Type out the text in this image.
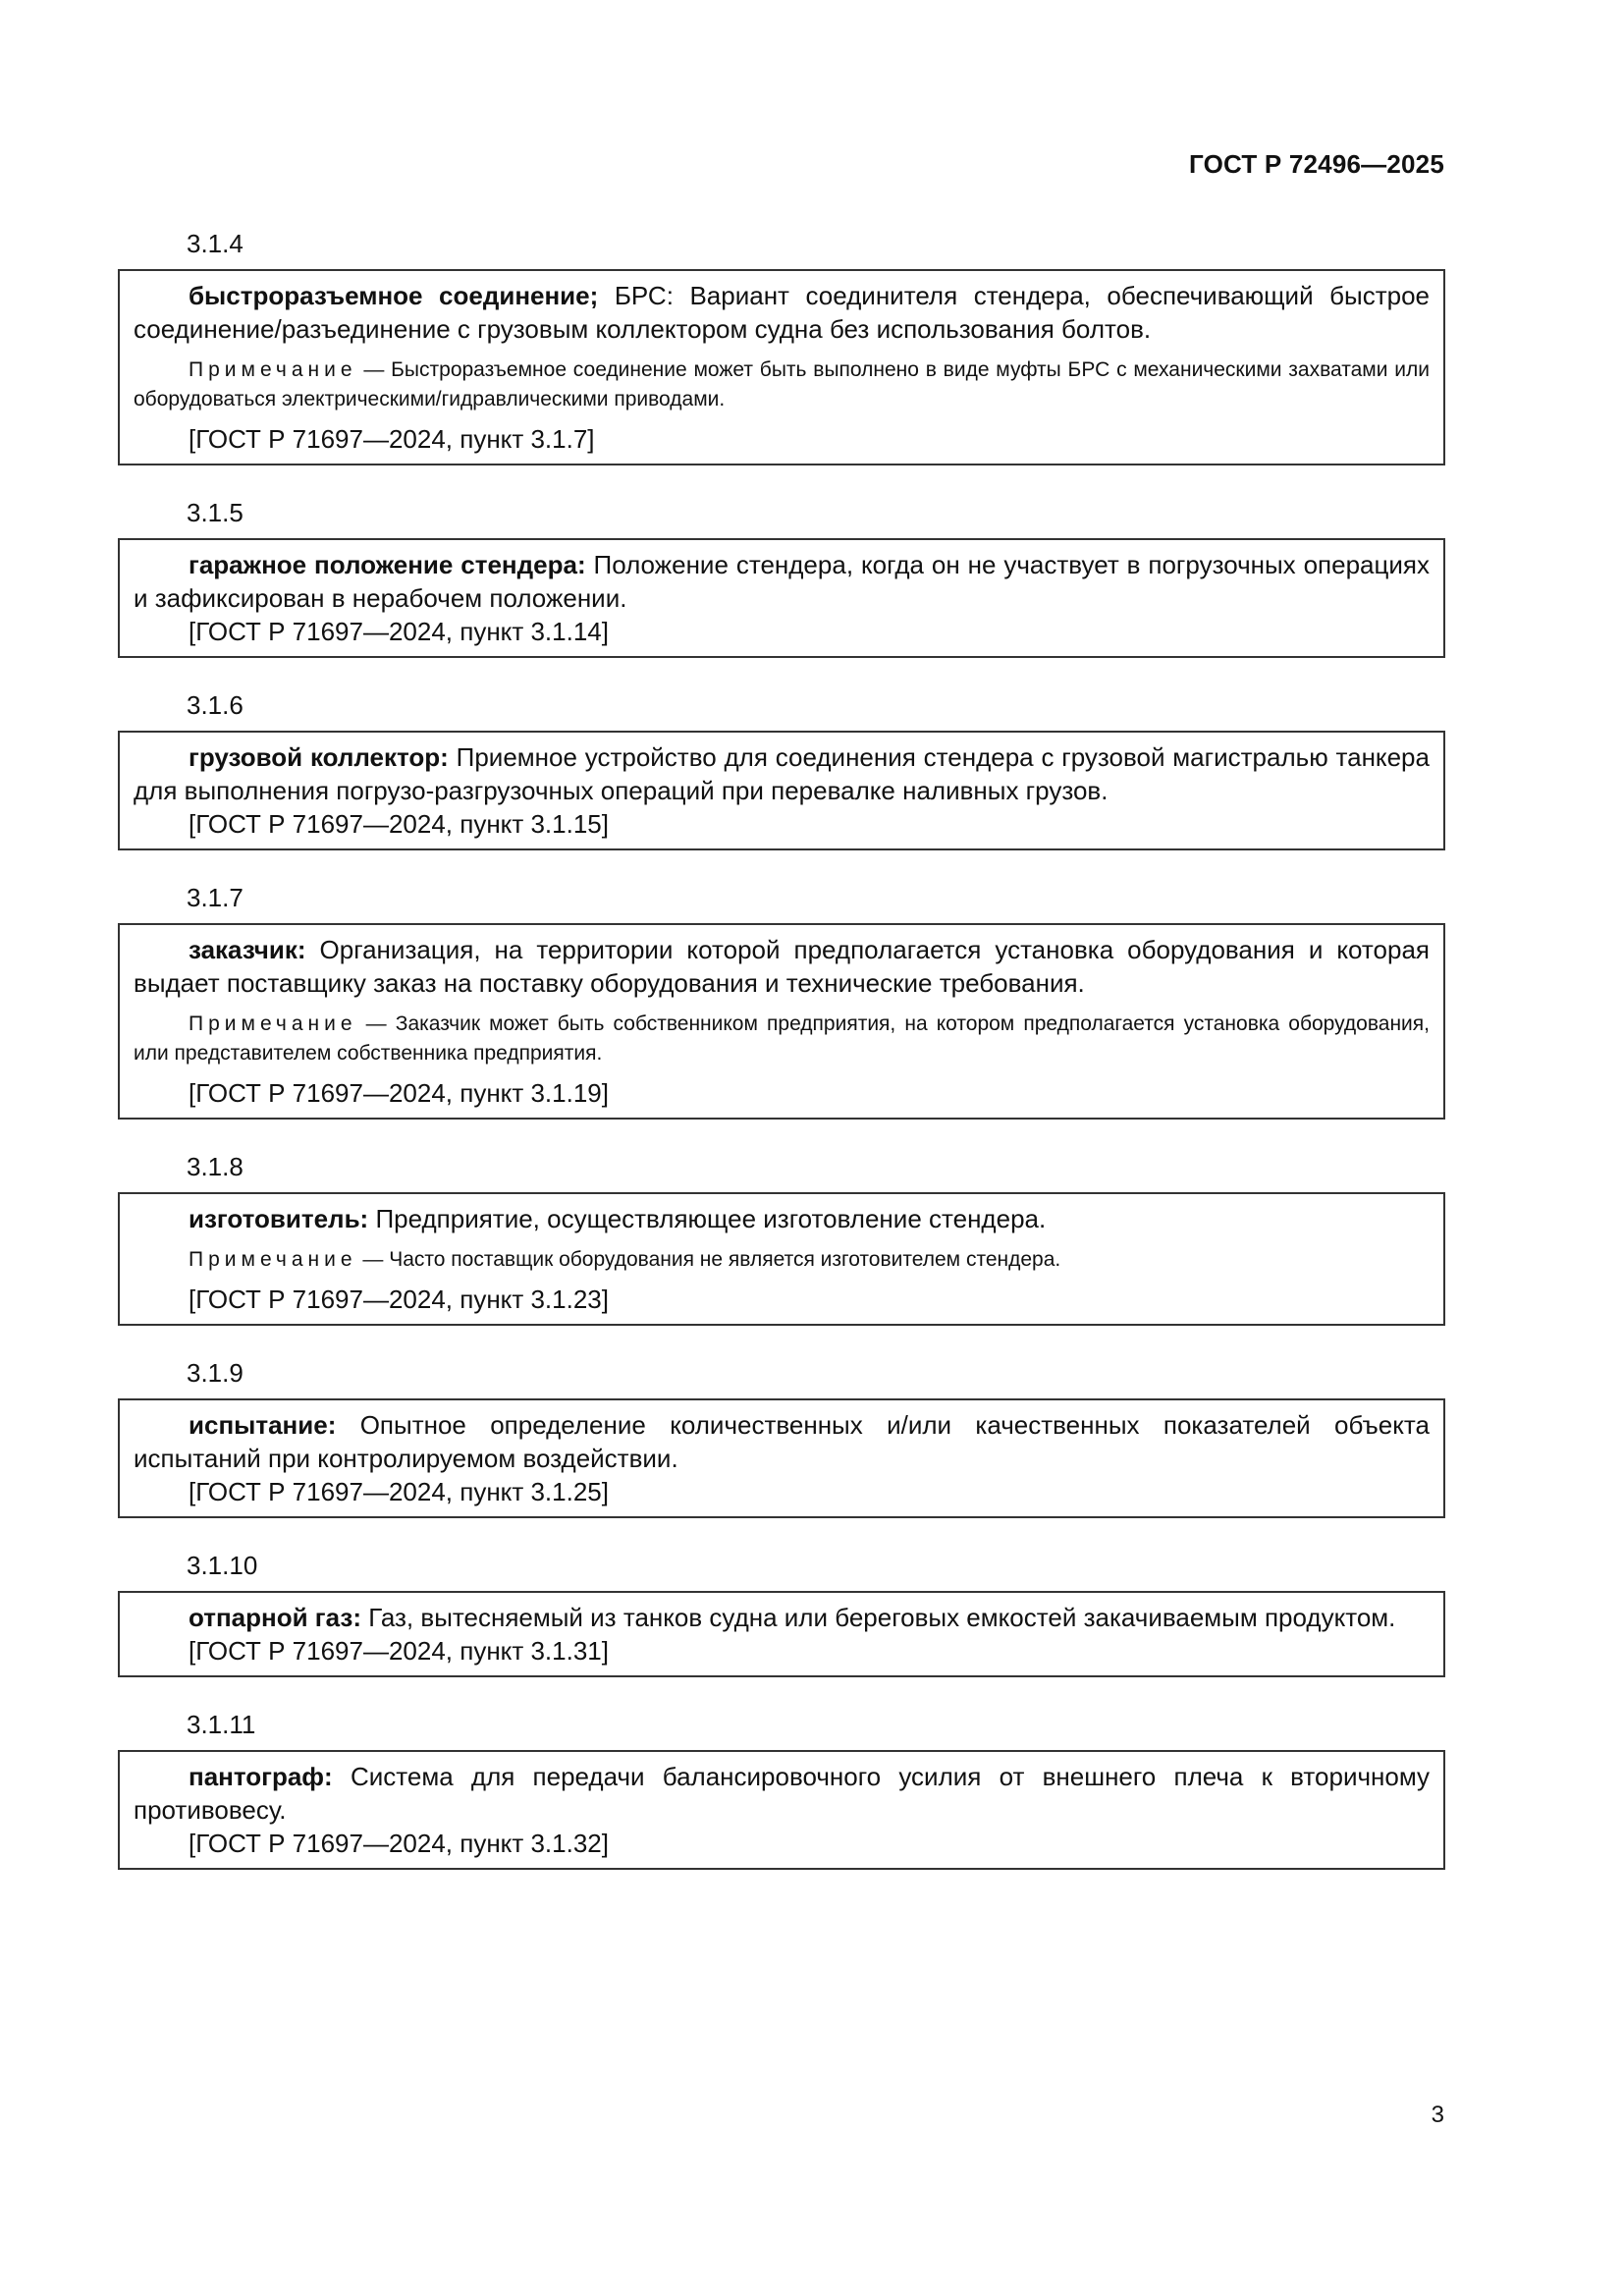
ГОСТ Р 72496—2025
3.1.4

быстроразъемное соединение; БРС: Вариант соединителя стендера, обеспечивающий быстрое соединение/разъединение с грузовым коллектором судна без использования болтов.

Примечание — Быстроразъемное соединение может быть выполнено в виде муфты БРС с механическими захватами или оборудоваться электрическими/гидравлическими приводами.

[ГОСТ Р 71697—2024, пункт 3.1.7]
3.1.5

гаражное положение стендера: Положение стендера, когда он не участвует в погрузочных операциях и зафиксирован в нерабочем положении.

[ГОСТ Р 71697—2024, пункт 3.1.14]
3.1.6

грузовой коллектор: Приемное устройство для соединения стендера с грузовой магистралью танкера для выполнения погрузо-разгрузочных операций при перевалке наливных грузов.

[ГОСТ Р 71697—2024, пункт 3.1.15]
3.1.7

заказчик: Организация, на территории которой предполагается установка оборудования и которая выдает поставщику заказ на поставку оборудования и технические требования.

Примечание — Заказчик может быть собственником предприятия, на котором предполагается установка оборудования, или представителем собственника предприятия.

[ГОСТ Р 71697—2024, пункт 3.1.19]
3.1.8

изготовитель: Предприятие, осуществляющее изготовление стендера.

Примечание — Часто поставщик оборудования не является изготовителем стендера.

[ГОСТ Р 71697—2024, пункт 3.1.23]
3.1.9

испытание: Опытное определение количественных и/или качественных показателей объекта испытаний при контролируемом воздействии.

[ГОСТ Р 71697—2024, пункт 3.1.25]
3.1.10

отпарной газ: Газ, вытесняемый из танков судна или береговых емкостей закачиваемым продуктом.

[ГОСТ Р 71697—2024, пункт 3.1.31]
3.1.11

пантограф: Система для передачи балансировочного усилия от внешнего плеча к вторичному противовесу.

[ГОСТ Р 71697—2024, пункт 3.1.32]
3
